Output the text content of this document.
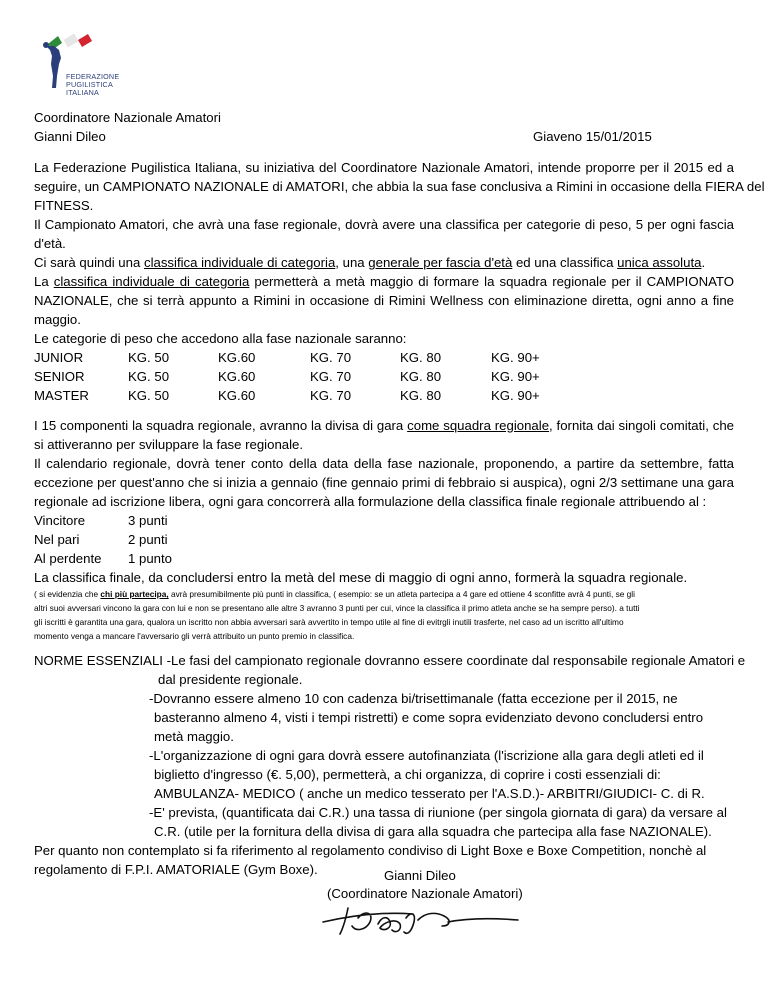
FEDERAZIONE
PUGILISTICA
ITALIANA
Coordinatore Nazionale Amatori
Gianni Dileo	Giaveno 15/01/2015
La Federazione Pugilistica Italiana, su iniziativa del Coordinatore Nazionale Amatori, intende proporre per il 2015 ed a
seguire, un CAMPIONATO NAZIONALE di AMATORI, che abbia la sua fase conclusiva a Rimini in occasione della FIERA del
FITNESS.
Il Campionato Amatori, che avrà una fase regionale, dovrà avere una classifica per categorie di peso, 5 per ogni fascia
d'età.
Ci sarà quindi una classifica individuale di categoria, una generale per fascia d'età ed una classifica unica assoluta.
La classifica individuale di categoria permetterà a metà maggio di formare la squadra regionale per il CAMPIONATO
NAZIONALE, che si terrà appunto a Rimini in occasione di Rimini Wellness con eliminazione diretta, ogni anno a fine
maggio.
Le categorie di peso che accedono alla fase nazionale saranno:
JUNIOR	KG. 50	KG.60	KG. 70	KG. 80	KG. 90+
SENIOR	KG. 50	KG.60	KG. 70	KG. 80	KG. 90+
MASTER	KG. 50	KG.60	KG. 70	KG. 80	KG. 90+
I 15 componenti la squadra regionale, avranno la divisa di gara come squadra regionale, fornita dai singoli comitati, che
si attiveranno per sviluppare la fase regionale.
Il calendario regionale, dovrà tener conto della data della fase nazionale, proponendo, a partire da settembre, fatta
eccezione per quest'anno che si inizia a gennaio (fine gennaio primi di febbraio si auspica), ogni 2/3 settimane una gara
regionale ad iscrizione libera, ogni gara concorrerà alla formulazione della classifica finale regionale attribuendo al :
Vincitore	3 punti
Nel pari	2 punti
Al perdente 1 punto
La classifica finale, da concludersi entro la metà del mese di maggio di ogni anno, formerà la squadra regionale.
( si evidenzia che chi più partecipa, avrà presumibilmente più punti in classifica, ( esempio: se un atleta partecipa a 4 gare ed ottiene 4 sconfitte avrà 4 punti, se gli
altri suoi avversari vincono la gara con lui e non se presentano alle altre 3 avranno 3 punti per cui, vince la classifica il primo atleta anche se ha sempre perso). a tutti
gli iscritti è garantita una gara, qualora un iscritto non abbia avversari sarà avvertito in tempo utile al fine di evitrgli inutili trasferte, nel caso ad un iscritto all'ultimo
momento venga a mancare l'avversario gli verrà attribuito un punto premio in classifica.
NORME ESSENZIALI -Le fasi del campionato regionale dovranno essere coordinate dal responsabile regionale Amatori e
dal presidente regionale.
-Dovranno essere almeno 10 con cadenza bi/trisettimanale (fatta eccezione per il 2015, ne
basteranno almeno 4, visti i tempi ristretti) e come sopra evidenziato devono concludersi entro
metà maggio.
-L'organizzazione di ogni gara dovrà essere autofinanziata (l'iscrizione alla gara degli atleti ed il
biglietto d'ingresso (€. 5,00), permetterà, a chi organizza, di coprire i costi essenziali di:
AMBULANZA- MEDICO ( anche un medico tesserato per l'A.S.D.)- ARBITRI/GIUDICI- C. di R.
-E' prevista, (quantificata dai C.R.) una tassa di riunione (per singola giornata di gara) da versare al
C.R. (utile per la fornitura della divisa di gara alla squadra che partecipa alla fase NAZIONALE).
Per quanto non contemplato si fa riferimento al regolamento condiviso di Light Boxe e Boxe Competition, nonchè al
regolamento di F.P.I. AMATORIALE (Gym Boxe).	Gianni Dileo
(Coordinatore Nazionale Amatori)
